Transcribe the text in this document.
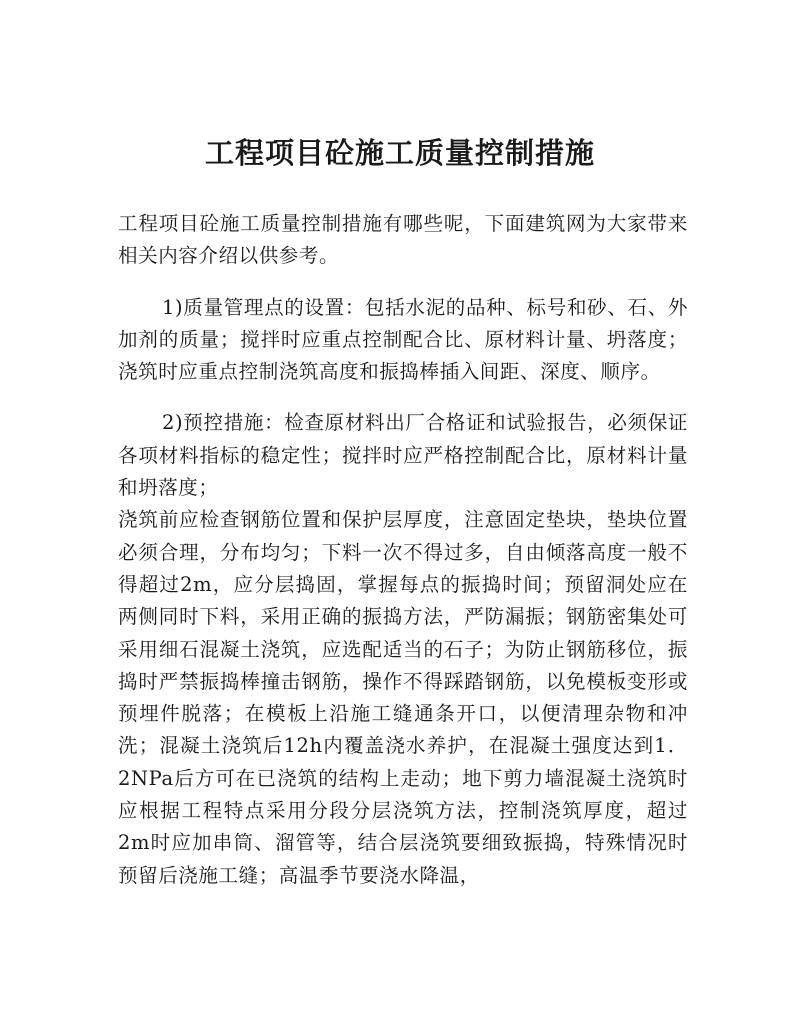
工程项目砼施工质量控制措施

工程项目砼施工质量控制措施有哪些呢，下面建筑网为大家带来相关内容介绍以供参考。

1)质量管理点的设置：包括水泥的品种、标号和砂、石、外加剂的质量；搅拌时应重点控制配合比、原材料计量、坍落度；浇筑时应重点控制浇筑高度和振捣棒插入间距、深度、顺序。

2)预控措施：检查原材料出厂合格证和试验报告，必须保证各项材料指标的稳定性；搅拌时应严格控制配合比，原材料计量和坍落度；

浇筑前应检查钢筋位置和保护层厚度，注意固定垫块，垫块位置必须合理，分布均匀；下料一次不得过多，自由倾落高度一般不得超过2m，应分层捣固，掌握每点的振捣时间；预留洞处应在两侧同时下料，采用正确的振捣方法，严防漏振；钢筋密集处可采用细石混凝土浇筑，应选配适当的石子；为防止钢筋移位，振捣时严禁振捣棒撞击钢筋，操作不得踩踏钢筋，以免模板变形或预埋件脱落；在模板上沿施工缝通条开口，以便清理杂物和冲洗；混凝土浇筑后12h内覆盖浇水养护，在混凝土强度达到1．2NPa后方可在已浇筑的结构上走动；地下剪力墙混凝土浇筑时应根据工程特点采用分段分层浇筑方法，控制浇筑厚度，超过2m时应加串筒、溜管等，结合层浇筑要细致振捣，特殊情况时预留后浇施工缝；高温季节要浇水降温，
